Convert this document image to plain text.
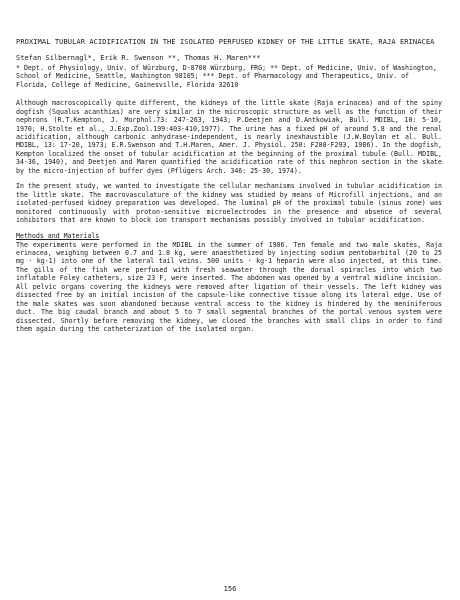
PROXIMAL TUBULAR ACIDIFICATION IN THE ISOLATED PERFUSED KIDNEY OF THE LITTLE SKATE, RAJA ERINACEA

Stefan Silbernagl*, Erik R. Swenson **, Thomas H. Maren***

* Dept. of Physiology, Univ. of Würzburg, D-8700 Würzburg, FRG; ** Dept. of Medicine, Univ. of Washington, School of Medicine, Seattle, Washington 98105; *** Dept. of Pharmacology and Therapeutics, Univ. of Florida, College of Medicine, Gainesville, Florida 32610

Although macroscopically quite different, the kidneys of the little skate (Raja erinacea) and of the spiny dogfish (Squalus acanthias) are very similar in the microscopic structure as well as the function of their nephrons (R.T.Kempton, J. Morphol.73: 247-263, 1943; P.Deetjen and D.Antkowiak, Bull. MDIBL, 10: 5-10, 1970; H.Stolte et al., J.Exp.Zool.199:403-410,1977). The urine has a fixed pH of around 5.8 and the renal acidification, although carbonic anhydrase-independent, is nearly inexhaustible (J.W.Boylan et al. Bull. MDIBL, 13: 17-20, 1973; E.R.Swenson and T.H.Maren, Amer. J. Physiol. 250: F288-F293, 1986). In the dogfish, Kempton localized the onset of tubular acidification at the beginning of the proximal tubule (Bull. MDIBL, 34-36, 1940), and Deetjen and Maren quantified the acidification rate of this nephron section in the skate by the micro-injection of buffer dyes (Pflügers Arch. 346: 25-30, 1974).

In the present study, we wanted to investigate the cellular mechanisms involved in tubular acidification in the little skate. The macrovasculature of the kidney was studied by means of Microfill injections, and an isolated-perfused kidney preparation was developed. The luminal pH of the proximal tubule (sinus zone) was monitored continuously with proton-sensitive microelectrodes in the presence and absence of several inhibitors that are known to block ion transport mechanisms possibly involved in tubular acidification.

Methods and Materials

The experiments were performed in the MDIBL in the summer of 1986. Ten female and two male skates, Raja erinacea, weighing between 0.7 and 1.8 kg, were anaesthetized by injecting sodium pentobarbital (20 to 25 mg · kg-1) into one of the lateral tail veins. 500 units · kg-1 heparin were also injected, at this time. The gills of the fish were perfused with fresh seawater through the dorsal spiracles into which two inflatable Foley catheters, size 23 F, were inserted. The abdomen was opened by a ventral midline incision. All pelvic organs covering the kidneys were removed after ligation of their vessels. The left kidney was dissected free by an initial incision of the capsule-like connective tissue along its lateral edge. Use of the male skates was soon abandoned because ventral access to the kidney is hindered by the meniniferous duct. The big caudal branch and about 5 to 7 small segmental branches of the portal venous system were dissected. Shortly before removing the kidney, we closed the branches with small clips in order to find them again during the catheterization of the isolated organ.

156
